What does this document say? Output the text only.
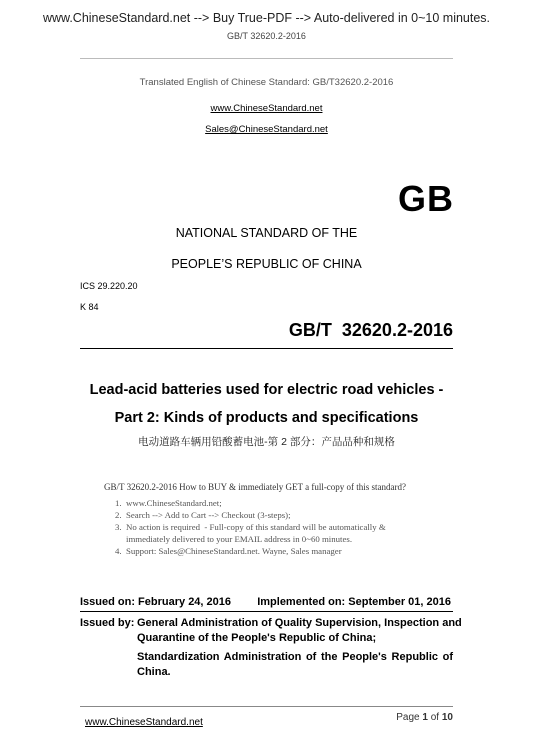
www.ChineseStandard.net --> Buy True-PDF --> Auto-delivered in 0~10 minutes.
GB/T 32620.2-2016
Translated English of Chinese Standard: GB/T32620.2-2016
www.ChineseStandard.net
Sales@ChineseStandard.net
GB
NATIONAL STANDARD OF THE
PEOPLE’S REPUBLIC OF CHINA
ICS 29.220.20
K 84
GB/T  32620.2-2016
Lead-acid batteries used for electric road vehicles -
Part 2: Kinds of products and specifications
电动道路车辆用铅酸蓄电池-第 2 部分：产品品种和规格
GB/T 32620.2-2016 How to BUY & immediately GET a full-copy of this standard?
1.  www.ChineseStandard.net;
2.  Search --> Add to Cart --> Checkout (3-steps);
3.  No action is required  - Full-copy of this standard will be automatically &
immediately delivered to your EMAIL address in 0~60 minutes.
4.  Support: Sales@ChineseStandard.net. Wayne, Sales manager
Issued on: February 24, 2016 Implemented on: September 01, 2016
Issued by: General Administration of Quality Supervision, Inspection and
Quarantine of the People's Republic of China;
Standardization Administration of the People's Republic of
China.
www.ChineseStandard.net	Page 1 of 10
